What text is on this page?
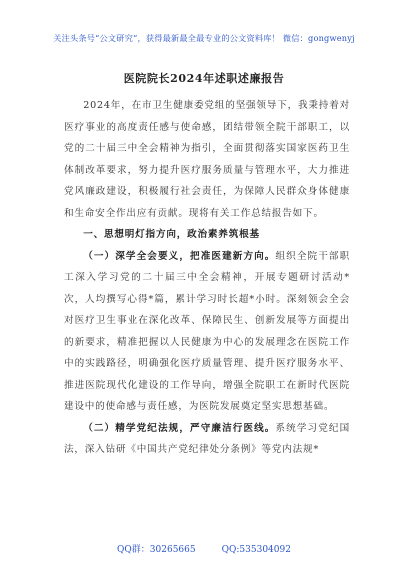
关注头条号“公文研究”，获得最新最全最专业的公文资料库！ 微信：gongwenyj
医院院长2024年述职述廉报告

2024年，在市卫生健康委党组的坚强领导下，我秉持着对医疗事业的高度责任感与使命感，团结带领全院干部职工，以党的二十届三中全会精神为指引，全面贯彻落实国家医药卫生体制改革要求，努力提升医疗服务质量与管理水平，大力推进党风廉政建设，积极履行社会责任，为保障人民群众身体健康和生命安全作出应有贡献。现将有关工作总结报告如下。

一、思想明灯指方向，政治素养筑根基

（一）深学全会要义，把准医建新方向。组织全院干部职工深入学习党的二十届三中全会精神，开展专题研讨活动*次，人均撰写心得*篇，累计学习时长超*小时。深刻领会全会对医疗卫生事业在深化改革、保障民生、创新发展等方面提出的新要求，精准把握以人民健康为中心的发展理念在医院工作中的实践路径，明确强化医疗质量管理、提升医疗服务水平、推进医院现代化建设的工作导向，增强全院职工在新时代医院建设中的使命感与责任感，为医院发展奠定坚实思想基础。

（二）精学党纪法规，严守廉洁行医线。系统学习党纪国法，深入钻研《中国共产党纪律处分条例》等党内法规*

QQ群：30265665	QQ:535304092
